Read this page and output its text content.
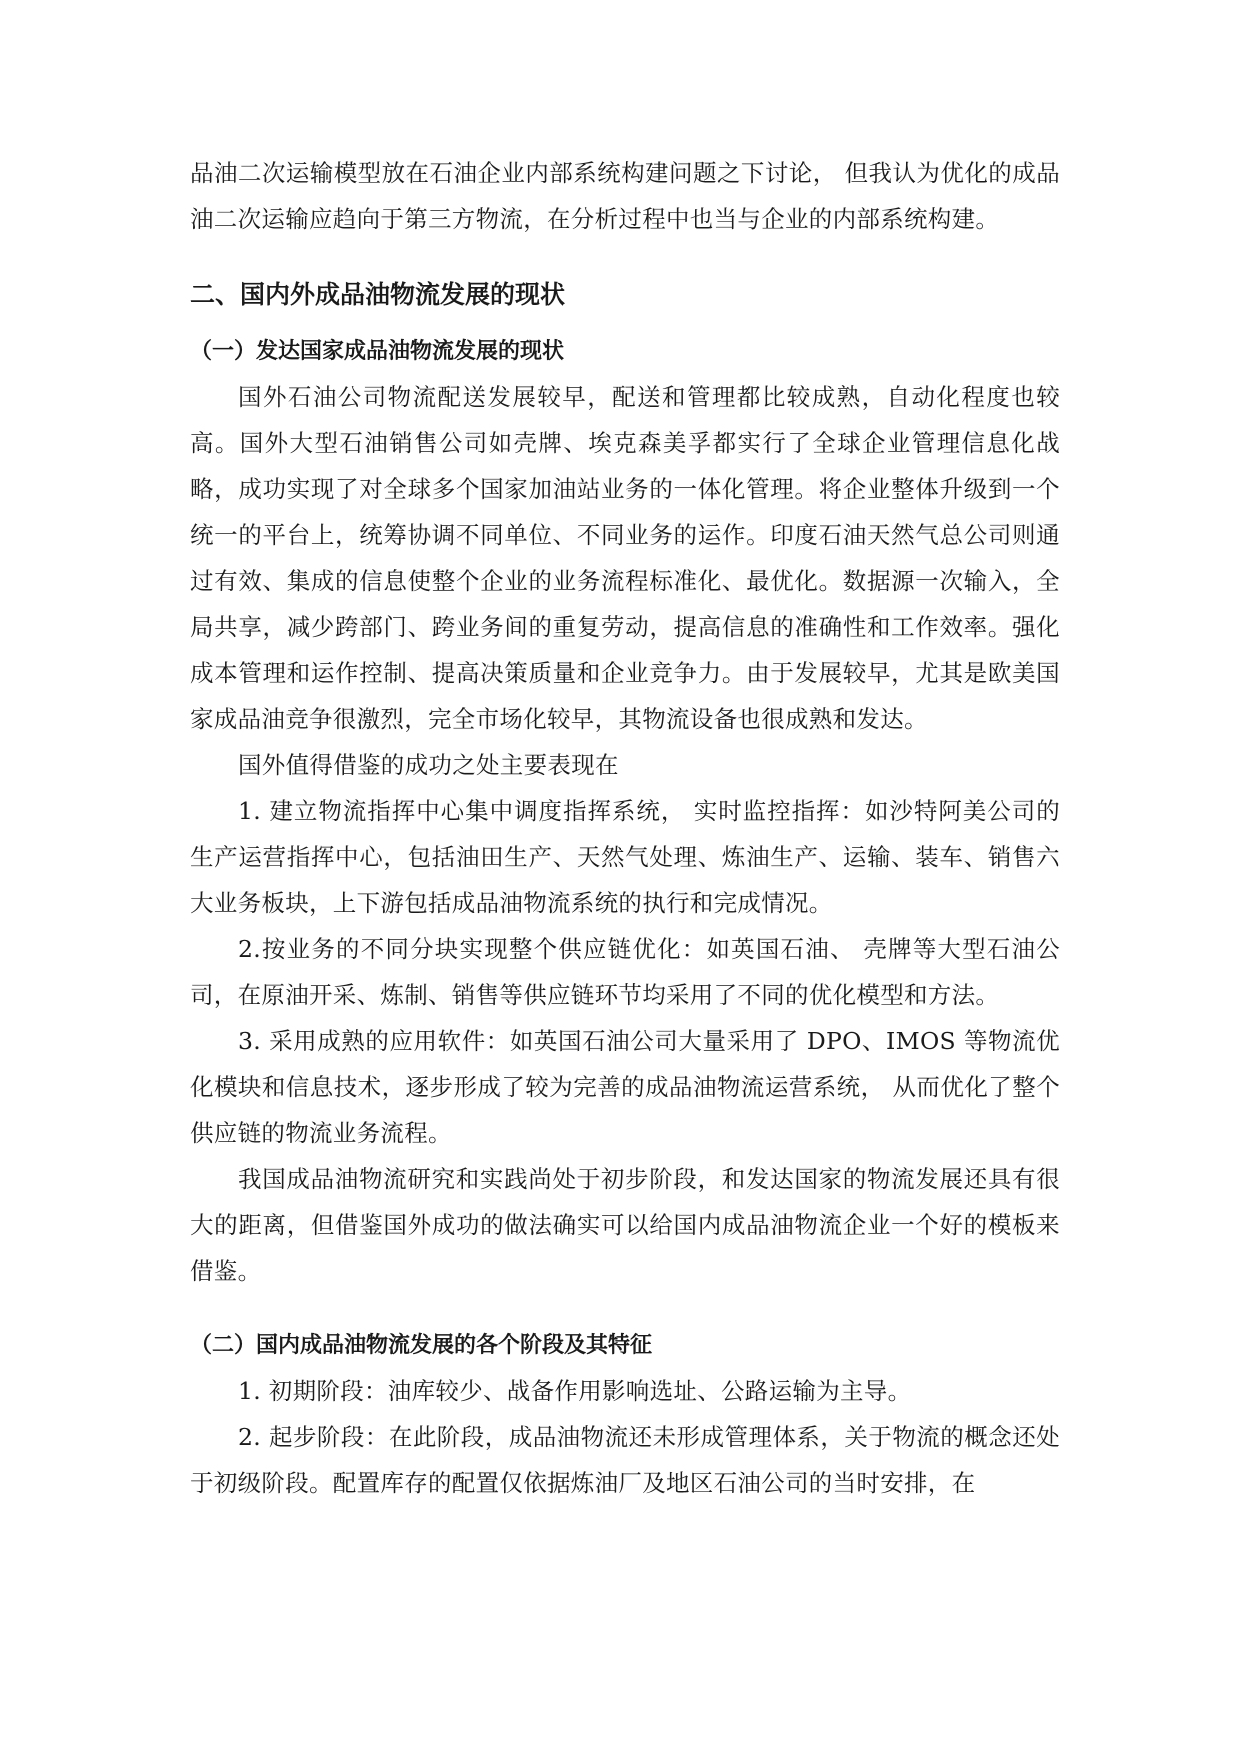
品油二次运输模型放在石油企业内部系统构建问题之下讨论， 但我认为优化的成品油二次运输应趋向于第三方物流，在分析过程中也当与企业的内部系统构建。

二、国内外成品油物流发展的现状
（一）发达国家成品油物流发展的现状

国外石油公司物流配送发展较早，配送和管理都比较成熟，自动化程度也较高。国外大型石油销售公司如壳牌、埃克森美孚都实行了全球企业管理信息化战略，成功实现了对全球多个国家加油站业务的一体化管理。将企业整体升级到一个统一的平台上，统筹协调不同单位、不同业务的运作。印度石油天然气总公司则通过有效、集成的信息使整个企业的业务流程标准化、最优化。数据源一次输入，全局共享，减少跨部门、跨业务间的重复劳动，提高信息的准确性和工作效率。强化成本管理和运作控制、提高决策质量和企业竞争力。由于发展较早，尤其是欧美国家成品油竞争很激烈，完全市场化较早，其物流设备也很成熟和发达。

国外值得借鉴的成功之处主要表现在

1. 建立物流指挥中心集中调度指挥系统， 实时监控指挥：如沙特阿美公司的生产运营指挥中心，包括油田生产、天然气处理、炼油生产、运输、装车、销售六大业务板块，上下游包括成品油物流系统的执行和完成情况。

2.按业务的不同分块实现整个供应链优化：如英国石油、 壳牌等大型石油公司，在原油开采、炼制、销售等供应链环节均采用了不同的优化模型和方法。

3. 采用成熟的应用软件：如英国石油公司大量采用了 DPO、IMOS 等物流优化模块和信息技术，逐步形成了较为完善的成品油物流运营系统， 从而优化了整个供应链的物流业务流程。

我国成品油物流研究和实践尚处于初步阶段，和发达国家的物流发展还具有很大的距离，但借鉴国外成功的做法确实可以给国内成品油物流企业一个好的模板来借鉴。

（二）国内成品油物流发展的各个阶段及其特征

1. 初期阶段：油库较少、战备作用影响选址、公路运输为主导。

2. 起步阶段：在此阶段，成品油物流还未形成管理体系，关于物流的概念还处于初级阶段。配置库存的配置仅依据炼油厂及地区石油公司的当时安排，在
